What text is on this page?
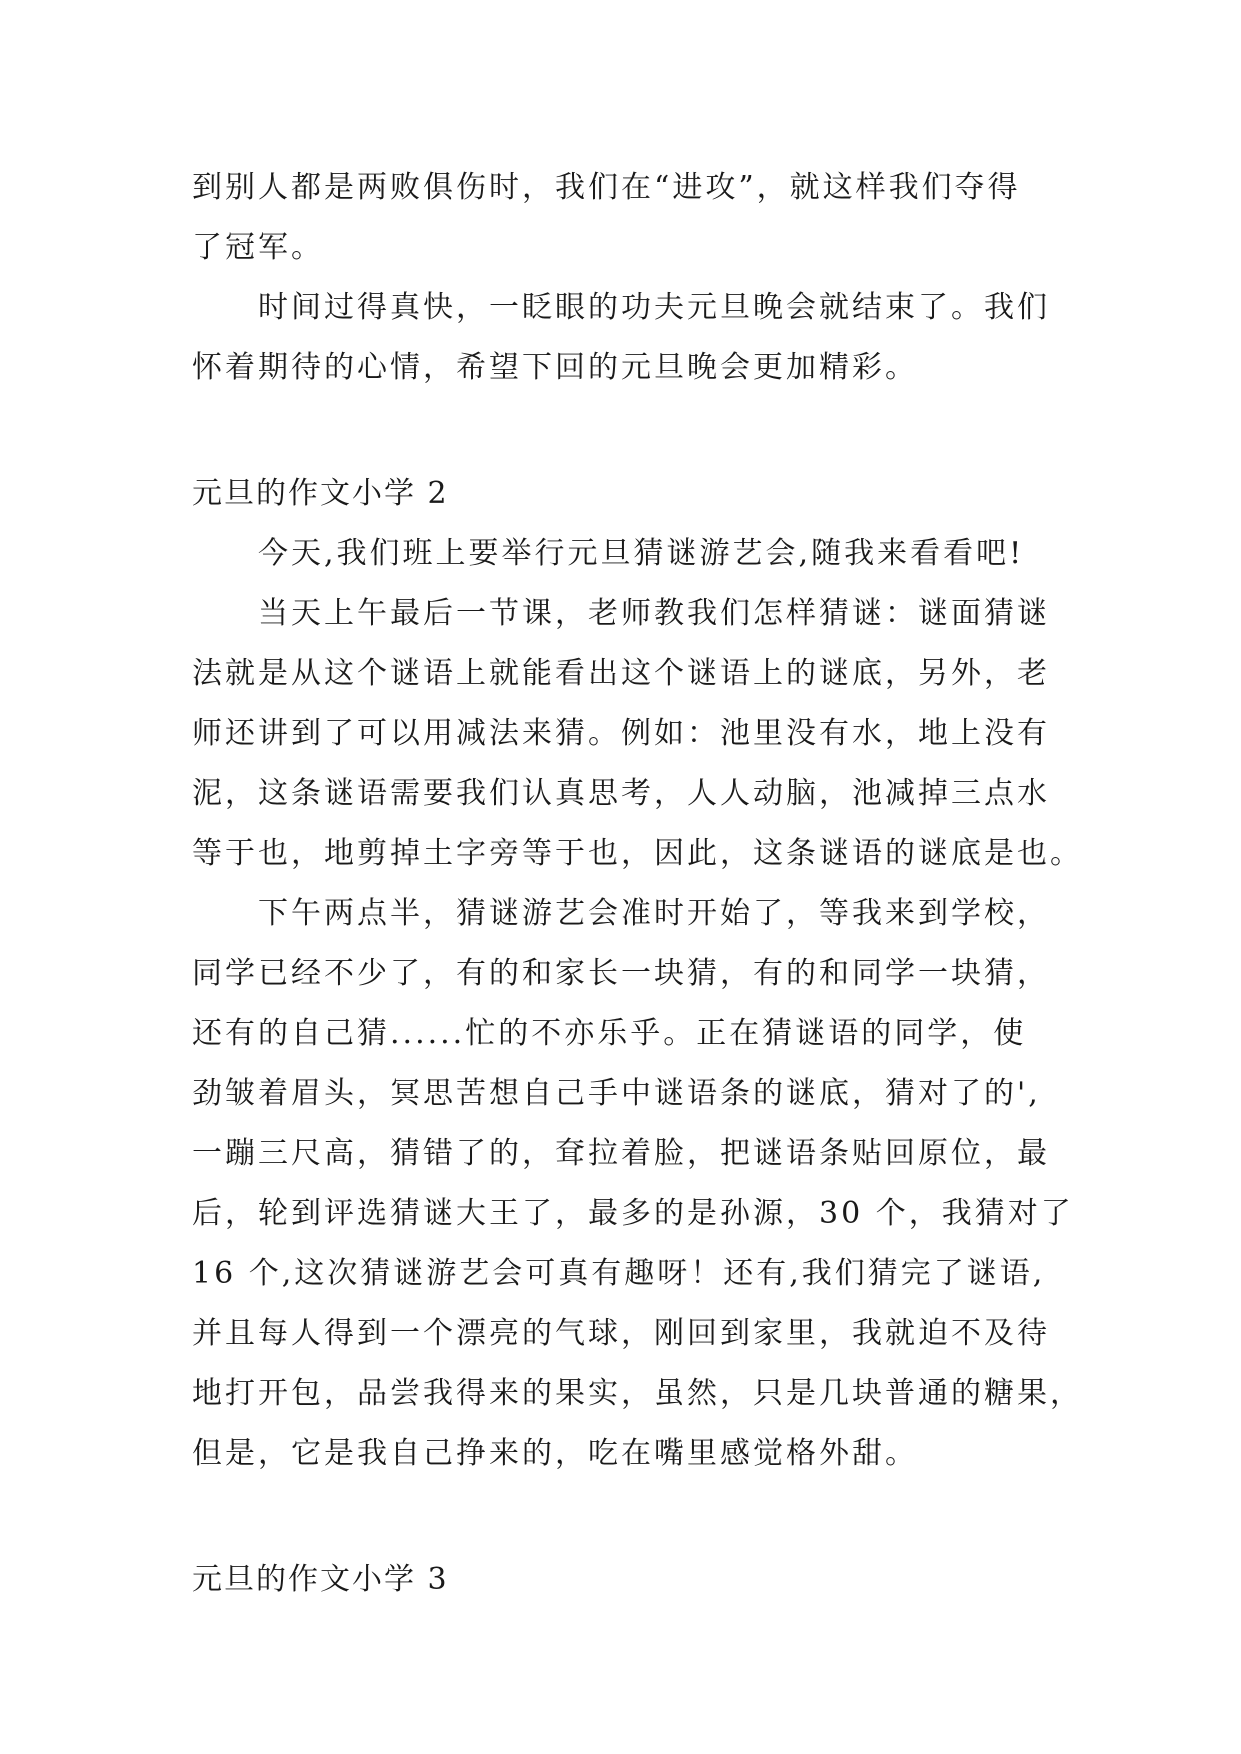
到别人都是两败俱伤时，我们在“进攻”，就这样我们夺得
了冠军。
时间过得真快，一眨眼的功夫元旦晚会就结束了。我们
怀着期待的心情，希望下回的元旦晚会更加精彩。
元旦的作文小学 2
今天,我们班上要举行元旦猜谜游艺会,随我来看看吧!
当天上午最后一节课，老师教我们怎样猜谜：谜面猜谜
法就是从这个谜语上就能看出这个谜语上的谜底，另外，老
师还讲到了可以用减法来猜。例如：池里没有水，地上没有
泥，这条谜语需要我们认真思考，人人动脑，池减掉三点水
等于也，地剪掉土字旁等于也，因此，这条谜语的谜底是也。
下午两点半，猜谜游艺会准时开始了，等我来到学校，
同学已经不少了，有的和家长一块猜，有的和同学一块猜，
还有的自己猜......忙的不亦乐乎。正在猜谜语的同学，使
劲皱着眉头，冥思苦想自己手中谜语条的谜底，猜对了的',
一蹦三尺高，猜错了的，耷拉着脸，把谜语条贴回原位，最
后，轮到评选猜谜大王了，最多的是孙源，30 个，我猜对了
16 个,这次猜谜游艺会可真有趣呀！还有,我们猜完了谜语,
并且每人得到一个漂亮的气球，刚回到家里，我就迫不及待
地打开包，品尝我得来的果实，虽然，只是几块普通的糖果，
但是，它是我自己挣来的，吃在嘴里感觉格外甜。
元旦的作文小学 3
